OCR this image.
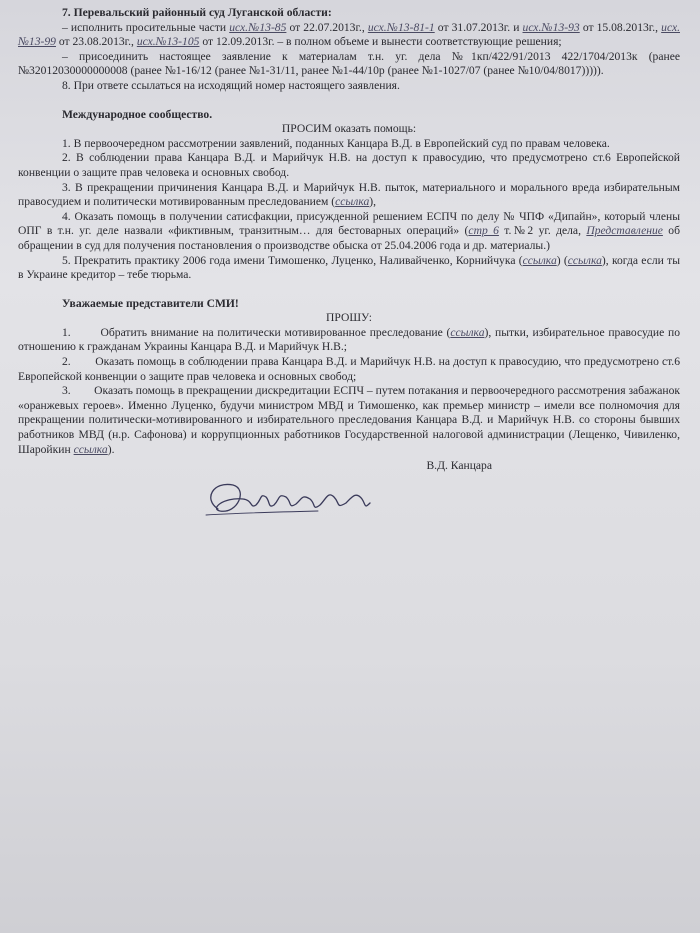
7. Перевальский районный суд Луганской области:

– исполнить просительные части исх.№13-85 от 22.07.2013г., исх.№13-81-1 от 31.07.2013г. и исх.№13-93 от 15.08.2013г., исх.№13-99 от 23.08.2013г., исх.№13-105 от 12.09.2013г. – в полном объеме и вынести соответствующие решения;

– присоединить настоящее заявление к материалам т.н. уг. дела №1кп/422/91/2013 422/1704/2013к (ранее №32012030000000008 (ранее №1-16/12 (ранее №1-31/11, ранее №1-44/10р (ранее №1-1027/07 (ранее №10/04/8017))))).

8. При ответе ссылаться на исходящий номер настоящего заявления.

Международное сообщество.

ПРОСИМ оказать помощь:

1. В первоочередном рассмотрении заявлений, поданных Канцара В.Д. в Европейский суд по правам человека.

2. В соблюдении права Канцара В.Д. и Марийчук Н.В. на доступ к правосудию, что предусмотрено ст.6 Европейской конвенции о защите прав человека и основных свобод.

3. В прекращении причинения Канцара В.Д. и Марийчук Н.В. пыток, материального и морального вреда избирательным правосудием и политически мотивированным преследованием (ссылка),

4. Оказать помощь в получении сатисфакции, присужденной решением ЕСПЧ по делу № ЧПФ «Дипайн», который члены ОПГ в т.н. уг. деле назвали «фиктивным, транзитным… для бестоварных операций» (стр 6 т.№2 уг. дела, Представление об обращении в суд для получения постановления о производстве обыска от 25.04.2006 года и др. материалы.)

5. Прекратить практику 2006 года имени Тимошенко, Луценко, Наливайченко, Корнийчука (ссылка) (ссылка), когда если ты в Украине кредитор – тебе тюрьма.

Уважаемые представители СМИ!

ПРОШУ:

1.	Обратить внимание на политически мотивированное преследование (ссылка), пытки, избирательное правосудие по отношению к гражданам Украины Канцара В.Д. и Марийчук Н.В.;

2. Оказать помощь в соблюдении права Канцара В.Д. и Марийчук Н.В. на доступ к правосудию, что предусмотрено ст.6 Европейской конвенции о защите прав человека и основных свобод;

3. Оказать помощь в прекращении дискредитации ЕСПЧ – путем потакания и первоочередного рассмотрения забажанок «оранжевых героев». Именно Луценко, будучи министром МВД и Тимошенко, как премьер министр – имели все полномочия для прекращении политически-мотивированного и избирательного преследования Канцара В.Д. и Марийчук Н.В. со стороны бывших работников МВД (н.р. Сафонова) и коррупционных работников Государственной налоговой администрации (Лещенко, Чивиленко, Шаройкин ссылка).

В.Д. Канцара
